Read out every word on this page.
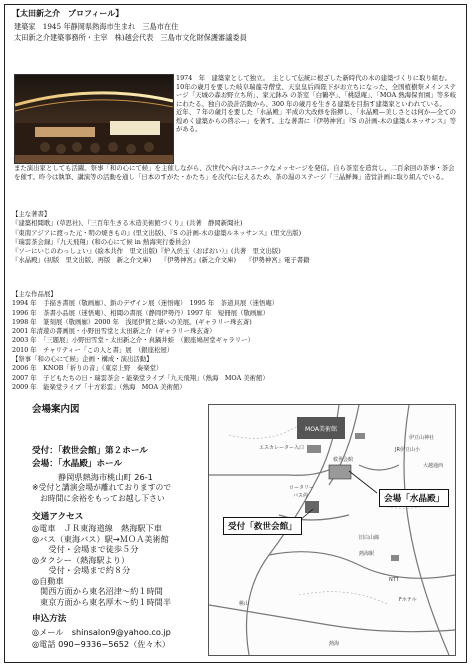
【太田新之介　プロフィール】
建築家　1945 年静岡県熱海市生まれ　三島市在住
太田新之介建築事務所・主宰　株)越会代表　三島市文化財保護審議委員

1974　年　建築家として独立。　主として伝統に根ざした新時代の木の建築づくりに取り組む。

10年の歳月を要した岐阜瑞龍寺僧堂、天皇皇后両陛下がお立ちになった、全国植樹祭メインステージ「天城の森お野立ち所」、家元鉢み の茶室「白鶴亭」、「桃隠庵」、「MOA 熱海保育園」等多岐にわたる。独自の設計活動から、300 年の歳月を生きる建築を目指す建築家といわれている。

近年、７年の歳月を要した「水晶殿」平成の大改修を指揮し、「水晶殿—美しさとは何か—全ての煌めく建築からの啓示—」を著す。主な著書に『伊勢神宮』『S の計画‐木の建築ルネッサンス』等がある。

また演出家としても活躍。祭事「和の心にて候」を主催しながら、次世代へ向けユニークなメッセージを発信。自ら茶室を造営し、二百余回の茶事・茶会を催す。昨今は執筆、講演等の活動を通し「日本のすがた・かたち」を次代に伝えるため、茶の湯のステージ「三晶鮮舞」造営計画に取り組んでいる。

【主な著書】
『建築相聞歌』(草思社)、『三百年生きる木造美術館づくり』(共著　静岡新聞社)
『東南アジアに渡った元・明の焼きもの』(里文出版)、『S の計画‐木の建築ルネッサンス』(里文出版)
『瑞雲茶会録』『九天飛翔』(和の心にて候 in 熱海実行委員会)
『ソーにいじのわっしょい』(絵本共作　里文出版)『炉入於玉（おばおい）』(共著　里文出版)
『水晶殿』(初版　里文出版、再版　新之介文庫)　　『伊勢神宮』(新之介文庫)　　『伊勢神宮』電子書籍
【主な作品展】
1994 年　手描き書展（敬画廊）、鋲のデザイン展（迷悟庵）　1995 年　茶道具展（迷悟庵）
1996 年　茶書小品展（迷悟庵）、相聞の書展（静岡伊勢丹）1997 年　短冊展（敬画廊）
1998 年　篆刻展（敬画廊）2000 年　浅尾伊賀と繕いの美展。(ギャラリー珠玄斎)
2001 年清遊の書画展・小野田雪堂と太田新之介（ギャラリー珠玄斎）
2003 年　「三題展」小野田雪堂・太田新之介・真鍋井蛙　（銀座鳩居堂ギャラリー）
2010 年　チャリティー「この人と書」展　（銀座松屋）
【祭事「和の心にて候」企画・構成・演出活動】
2006 年　KNOB「祈りの音」（東京上野　奏楽堂）
2007 年　子どもたちの日・瑞雲茶会・能楽堂ライブ「九天飛翔」（熱海　MOA 美術館）
2009 年　能楽堂ライブ「十方彩雲」（熱海　MOA 美術館）
会場案内図
受付：「救世会館」第２ホール
会場：「水晶殿」ホール
静岡県熱海市桃山町 26-1
※受付と講演会場が離れておりますので
お時間に余裕をもってお越し下さい
交通アクセス
◎電車　ＪＲ東海道線　熱海駅下車
◎バス（東海バス）駅→ＭＯＡ美術館
　　受付・会場まで徒歩５分
◎タクシー（熱海駅より）
　　受付・会場まで約８分
◎自動車
関西方面から東名沼津〜約１時間
東京方面から東名厚木〜約１時間半
申込方法
◎メール　shinsalon9@yahoo.co.jp
◎電話 090−9336−5652（佐々木）
MOA美術館
エスカレーター入口
救世会館
バス停
ロータリー
伊豆山神社
JR伊豆山小
大越通西
熱海駅
旧白山線
NTT
Fホテル
桃山
熱海
会場「水晶殿」
受付「救世会館」
